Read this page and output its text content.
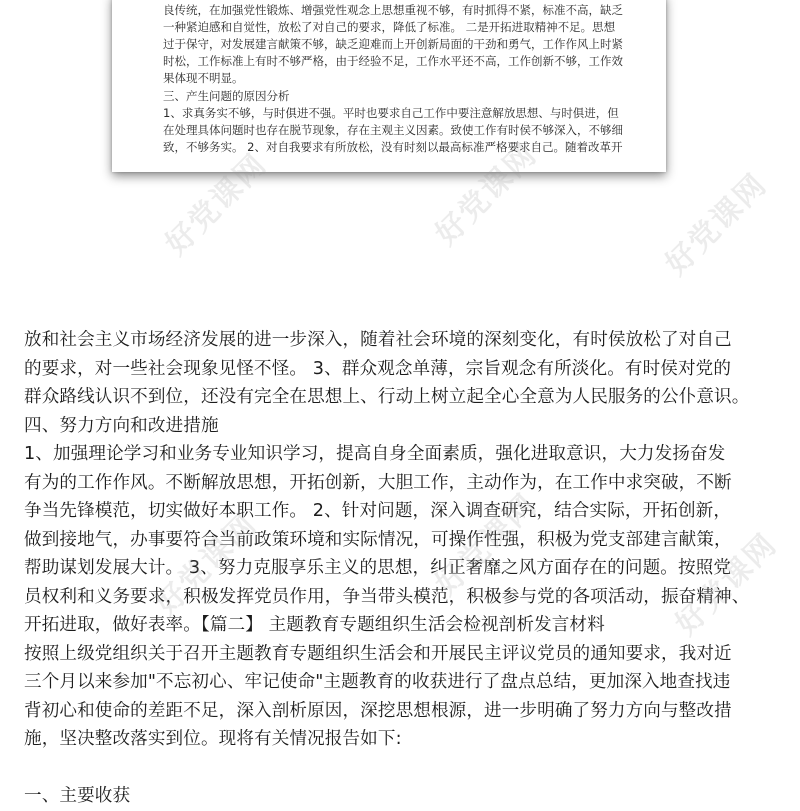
良传统，在加强党性锻炼、增强党性观念上思想重视不够，有时抓得不紧，标准不高，缺乏
一种紧迫感和自觉性，放松了对自己的要求，降低了标准。 二是开拓进取精神不足。思想
过于保守，对发展建言献策不够，缺乏迎难而上开创新局面的干劲和勇气，工作作风上时紧
时松，工作标准上有时不够严格，由于经验不足，工作水平还不高，工作创新不够，工作效
果体现不明显。
三、产生问题的原因分析
1、求真务实不够，与时俱进不强。平时也要求自己工作中要注意解放思想、与时俱进，但
在处理具体问题时也存在脱节现象，存在主观主义因素。致使工作有时侯不够深入，不够细
致，不够务实。 2、对自我要求有所放松，没有时刻以最高标准严格要求自己。随着改革开
放和社会主义市场经济发展的进一步深入，随着社会环境的深刻变化，有时侯放松了对自己
的要求，对一些社会现象见怪不怪。 3、群众观念单薄，宗旨观念有所淡化。有时侯对党的
群众路线认识不到位，还没有完全在思想上、行动上树立起全心全意为人民服务的公仆意识。
四、努力方向和改进措施
1、加强理论学习和业务专业知识学习，提高自身全面素质，强化进取意识，大力发扬奋发
有为的工作作风。不断解放思想，开拓创新，大胆工作，主动作为，在工作中求突破，不断
争当先锋模范，切实做好本职工作。 2、针对问题，深入调查研究，结合实际，开拓创新，
做到接地气，办事要符合当前政策环境和实际情况，可操作性强，积极为党支部建言献策，
帮助谋划发展大计。 3、努力克服享乐主义的思想，纠正奢靡之风方面存在的问题。按照党
员权利和义务要求，积极发挥党员作用，争当带头模范，积极参与党的各项活动，振奋精神、
开拓进取，做好表率。【篇二】 主题教育专题组织生活会检视剖析发言材料
按照上级党组织关于召开主题教育专题组织生活会和开展民主评议党员的通知要求，我对近
三个月以来参加"不忘初心、牢记使命"主题教育的收获进行了盘点总结，更加深入地查找违
背初心和使命的差距不足，深入剖析原因，深挖思想根源，进一步明确了努力方向与整改措
施，坚决整改落实到位。现将有关情况报告如下:
一、主要收获
好党课网	好党课网	好党课网
好党课网	好党课网	好党课网
